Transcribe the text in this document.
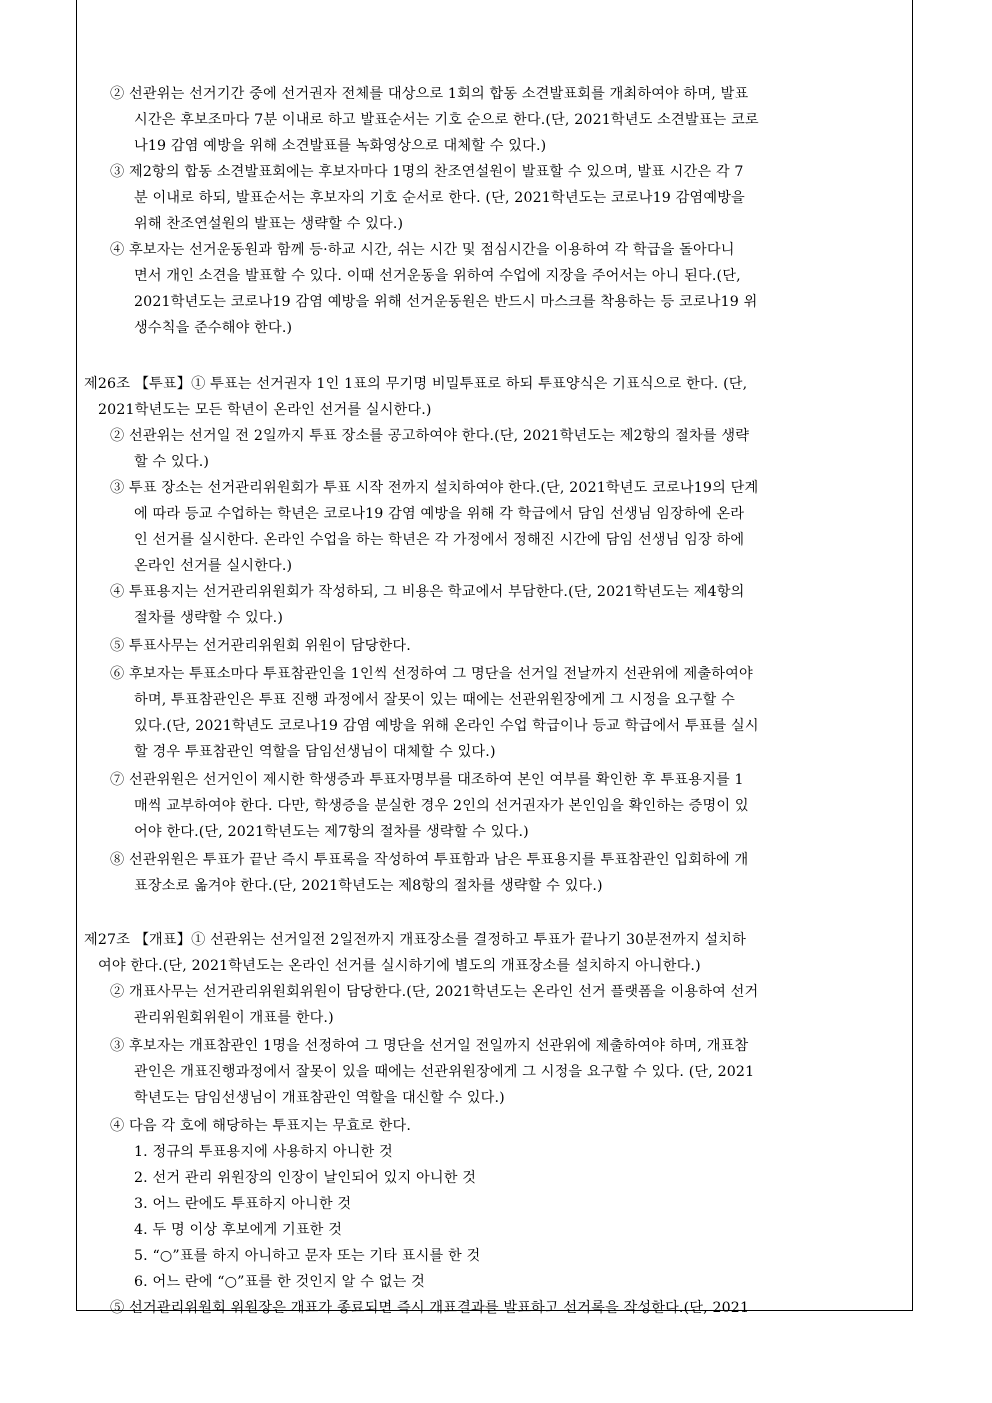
② 선관위는 선거기간 중에 선거권자 전체를 대상으로 1회의 합동 소견발표회를 개최하여야 하며, 발표
시간은 후보조마다 7분 이내로 하고 발표순서는 기호 순으로 한다.(단, 2021학년도 소견발표는 코로
나19 감염 예방을 위해 소견발표를 녹화영상으로 대체할 수 있다.)
③ 제2항의 합동 소견발표회에는 후보자마다 1명의 찬조연설원이 발표할 수 있으며, 발표 시간은 각 7
분 이내로 하되, 발표순서는 후보자의 기호 순서로 한다. (단, 2021학년도는 코로나19 감염예방을
위해 찬조연설원의 발표는 생략할 수 있다.)
④ 후보자는 선거운동원과 함께 등·하교 시간, 쉬는 시간 및 점심시간을 이용하여 각 학급을 돌아다니
면서 개인 소견을 발표할 수 있다. 이때 선거운동을 위하여 수업에 지장을 주어서는 아니 된다.(단,
2021학년도는 코로나19 감염 예방을 위해 선거운동원은 반드시 마스크를 착용하는 등 코로나19 위
생수칙을 준수해야 한다.)
제26조 【투표】① 투표는 선거권자 1인 1표의 무기명 비밀투표로 하되 투표양식은 기표식으로 한다. (단,
2021학년도는 모든 학년이 온라인 선거를 실시한다.)
② 선관위는 선거일 전 2일까지 투표 장소를 공고하여야 한다.(단, 2021학년도는 제2항의 절차를 생략
할 수 있다.)
③ 투표 장소는 선거관리위원회가 투표 시작 전까지 설치하여야 한다.(단, 2021학년도 코로나19의 단계
에 따라 등교 수업하는 학년은 코로나19 감염 예방을 위해 각 학급에서 담임 선생님 임장하에 온라
인 선거를 실시한다. 온라인 수업을 하는 학년은 각 가정에서 정해진 시간에 담임 선생님 임장 하에
온라인 선거를 실시한다.)
④ 투표용지는 선거관리위원회가 작성하되, 그 비용은 학교에서 부담한다.(단, 2021학년도는 제4항의
절차를 생략할 수 있다.)
⑤ 투표사무는 선거관리위원회 위원이 담당한다.
⑥ 후보자는 투표소마다 투표참관인을 1인씩 선정하여 그 명단을 선거일 전날까지 선관위에 제출하여야
하며, 투표참관인은 투표 진행 과정에서 잘못이 있는 때에는 선관위원장에게 그 시정을 요구할 수
있다.(단, 2021학년도 코로나19 감염 예방을 위해 온라인 수업 학급이나 등교 학급에서 투표를 실시
할 경우 투표참관인 역할을 담임선생님이 대체할 수 있다.)
⑦ 선관위원은 선거인이 제시한 학생증과 투표자명부를 대조하여 본인 여부를 확인한 후 투표용지를 1
매씩 교부하여야 한다. 다만, 학생증을 분실한 경우 2인의 선거권자가 본인임을 확인하는 증명이 있
어야 한다.(단, 2021학년도는 제7항의 절차를 생략할 수 있다.)
⑧ 선관위원은 투표가 끝난 즉시 투표록을 작성하여 투표함과 남은 투표용지를 투표참관인 입회하에 개
표장소로 옮겨야 한다.(단, 2021학년도는 제8항의 절차를 생략할 수 있다.)
제27조 【개표】① 선관위는 선거일전 2일전까지 개표장소를 결정하고 투표가 끝나기 30분전까지 설치하
여야 한다.(단, 2021학년도는 온라인 선거를 실시하기에 별도의 개표장소를 설치하지 아니한다.)
② 개표사무는 선거관리위원회위원이 담당한다.(단, 2021학년도는 온라인 선거 플랫폼을 이용하여 선거
관리위원회위원이 개표를 한다.)
③ 후보자는 개표참관인 1명을 선정하여 그 명단을 선거일 전일까지 선관위에 제출하여야 하며, 개표참
관인은 개표진행과정에서 잘못이 있을 때에는 선관위원장에게 그 시정을 요구할 수 있다. (단, 2021
학년도는 담임선생님이 개표참관인 역할을 대신할 수 있다.)
④ 다음 각 호에 해당하는 투표지는 무효로 한다.
1. 정규의 투표용지에 사용하지 아니한 것
2. 선거 관리 위원장의 인장이 날인되어 있지 아니한 것
3. 어느 란에도 투표하지 아니한 것
4. 두 명 이상 후보에게 기표한 것
5. “○”표를 하지 아니하고 문자 또는 기타 표시를 한 것
6. 어느 란에 “○”표를 한 것인지 알 수 없는 것
⑤ 선거관리위원회 위원장은 개표가 종료되면 즉시 개표결과를 발표하고 선거록을 작성한다.(단, 2021
